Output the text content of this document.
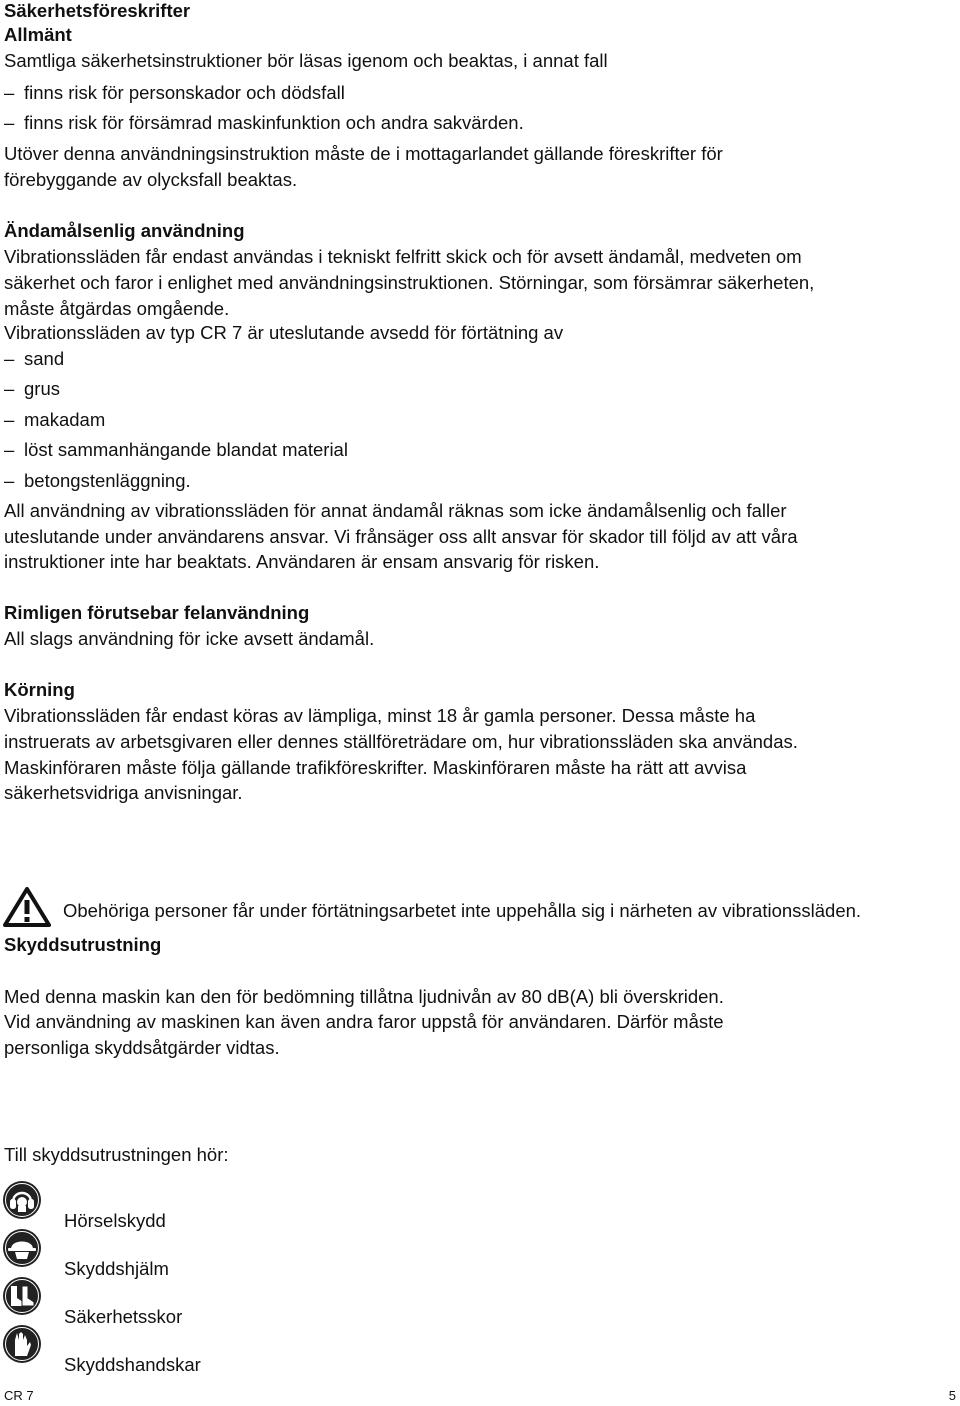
Säkerhetsföreskrifter

Allmänt

Samtliga säkerhetsinstruktioner bör läsas igenom och beaktas, i annat fall

– finns risk för personskador och dödsfall

– finns risk för försämrad maskinfunktion och andra sakvärden.

Utöver denna användningsinstruktion måste de i mottagarlandet gällande föreskrifter för

förebyggande av olycksfall beaktas.

Ändamålsenlig användning

Vibrationssläden får endast användas i tekniskt felfritt skick och för avsett ändamål, medveten om

säkerhet och faror i enlighet med användningsinstruktionen. Störningar, som försämrar säkerheten,

måste åtgärdas omgående.

Vibrationssläden av typ CR 7 är uteslutande avsedd för förtätning av

– sand

– grus

– makadam

– löst sammanhängande blandat material

– betongstenläggning.

All användning av vibrationssläden för annat ändamål räknas som icke ändamålsenlig och faller

uteslutande under användarens ansvar. Vi frånsäger oss allt ansvar för skador till följd av att våra

instruktioner inte har beaktats. Användaren är ensam ansvarig för risken.

Rimligen förutsebar felanvändning

All slags användning för icke avsett ändamål.

Körning

Vibrationssläden får endast köras av lämpliga, minst 18 år gamla personer. Dessa måste ha

instruerats av arbetsgivaren eller dennes ställföreträdare om, hur vibrationssläden ska användas.

Maskinföraren måste följa gällande trafikföreskrifter. Maskinföraren måste ha rätt att avvisa

säkerhetsvidriga anvisningar.

Obehöriga personer får under förtätningsarbetet inte uppehålla sig i närheten av vibrationssläden.

Skyddsutrustning

Med denna maskin kan den för bedömning tillåtna ljudnivån av 80 dB(A) bli överskriden.

Vid användning av maskinen kan även andra faror uppstå för användaren. Därför måste

personliga skyddsåtgärder vidtas.

Till skyddsutrustningen hör:

Hörselskydd

Skyddshjälm

Säkerhetsskor

Skyddshandskar

CR 7	5
